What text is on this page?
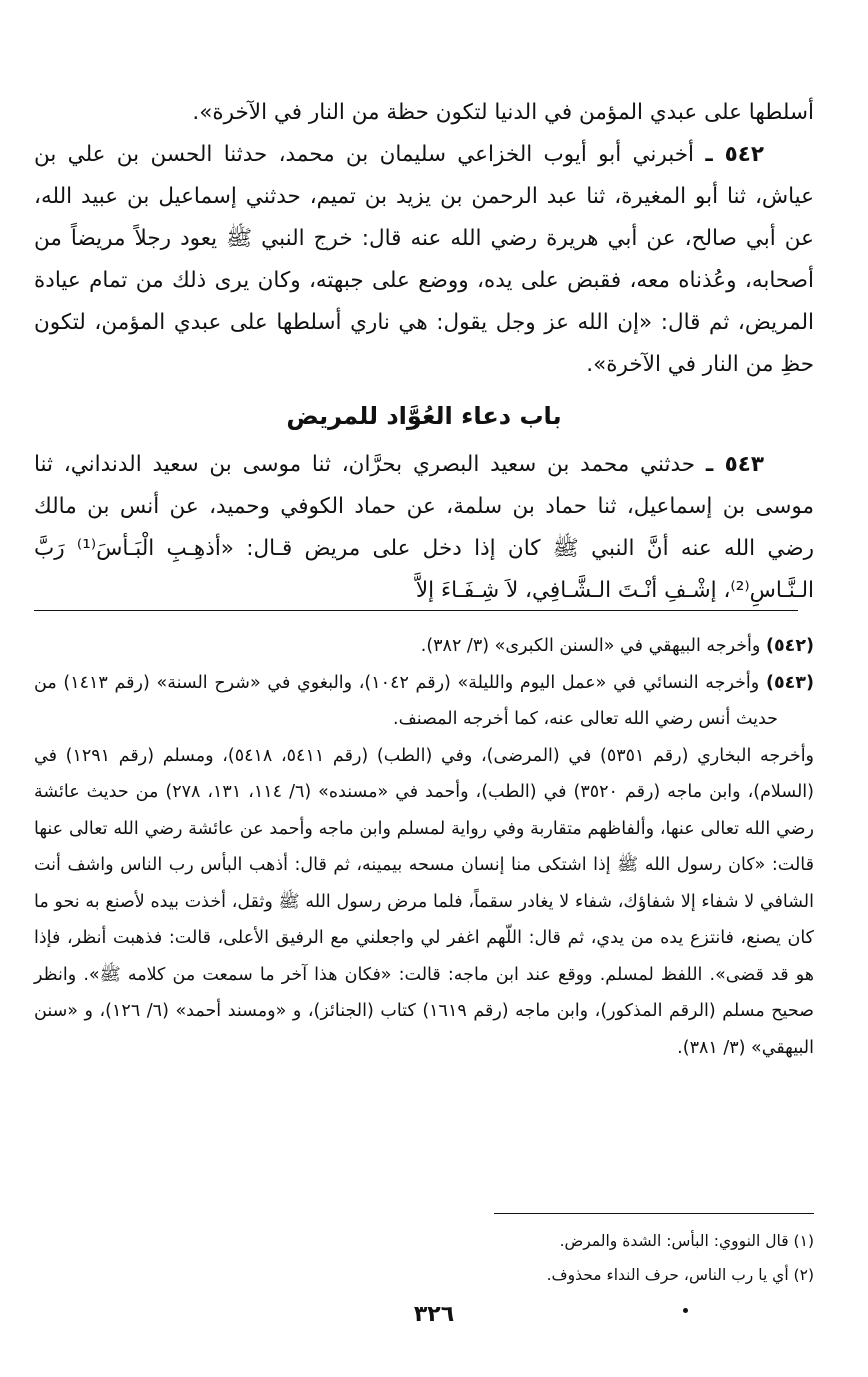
أسلطها على عبدي المؤمن في الدنيا لتكون حظة من النار في الآخرة».

٥٤٢ ـ أخبرني أبو أيوب الخزاعي سليمان بن محمد، حدثنا الحسن بن علي بن عياش، ثنا أبو المغيرة، ثنا عبد الرحمن بن يزيد بن تميم، حدثني إسماعيل بن عبيد الله، عن أبي صالح، عن أبي هريرة رضي الله عنه قال: خرج النبي ﷺ يعود رجلاً مريضاً من أصحابه، وعُذناه معه، فقبض على يده، ووضع على جبهته، وكان يرى ذلك من تمام عيادة المريض، ثم قال: «إن الله عز وجل يقول: هي ناري أسلطها على عبدي المؤمن، لتكون حظِ من النار في الآخرة».

باب دعاء العُوَّاد للمريض

٥٤٣ ـ حدثني محمد بن سعيد البصري بحرَّان، ثنا موسى بن سعيد الدنداني، ثنا موسى بن إسماعيل، ثنا حماد بن سلمة، عن حماد الكوفي وحميد، عن أنس بن مالك رضي الله عنه أنَّ النبي ﷺ كان إذا دخل على مريض قـال: «أذهِـبِ الْبَـأسَ⁽¹⁾ رَبَّ الـنَّـاسِ⁽²⁾، إشْـفِ أنْـتَ الـشَّـافِي، لاَ شِـفَـاءَ إلاَّ

(٥٤٢) وأخرجه البيهقي في «السنن الكبرى» (٣/ ٣٨٢).

(٥٤٣) وأخرجه النسائي في «عمل اليوم والليلة» (رقم ١٠٤٢)، والبغوي في «شرح السنة» (رقم ١٤١٣) من حديث أنس رضي الله تعالى عنه، كما أخرجه المصنف.

وأخرجه البخاري (رقم ٥٣٥١) في (المرضى)، وفي (الطب) (رقم ٥٤١١، ٥٤١٨)، ومسلم (رقم ١٢٩١) في (السلام)، وابن ماجه (رقم ٣٥٢٠) في (الطب)، وأحمد في «مسنده» (٦/ ١١٤، ١٣١، ٢٧٨) من حديث عائشة رضي الله تعالى عنها، وألفاظهم متقاربة وفي رواية لمسلم وابن ماجه وأحمد عن عائشة رضي الله تعالى عنها قالت: «كان رسول الله ﷺ إذا اشتكى منا إنسان مسحه بيمينه، ثم قال: أذهب البأس رب الناس واشف أنت الشافي لا شفاء إلا شفاؤك، شفاء لا يغادر سقماً، فلما مرض رسول الله ﷺ وثقل، أخذت بيده لأصنع به نحو ما كان يصنع، فانتزع يده من يدي، ثم قال: اللّهم اغفر لي واجعلني مع الرفيق الأعلى، قالت: فذهبت أنظر، فإذا هو قد قضى». اللفظ لمسلم. ووقع عند ابن ماجه: قالت: «فكان هذا آخر ما سمعت من كلامه ﷺ». وانظر صحيح مسلم (الرقم المذكور)، وابن ماجه (رقم ١٦١٩) كتاب (الجنائز)، و «ومسند أحمد» (٦/ ١٢٦)، و «سنن البيهقي» (٣/ ٣٨١).

(١) قال النووي: البأس: الشدة والمرض.

(٢) أي يا رب الناس، حرف النداء محذوف.

٣٢٦
